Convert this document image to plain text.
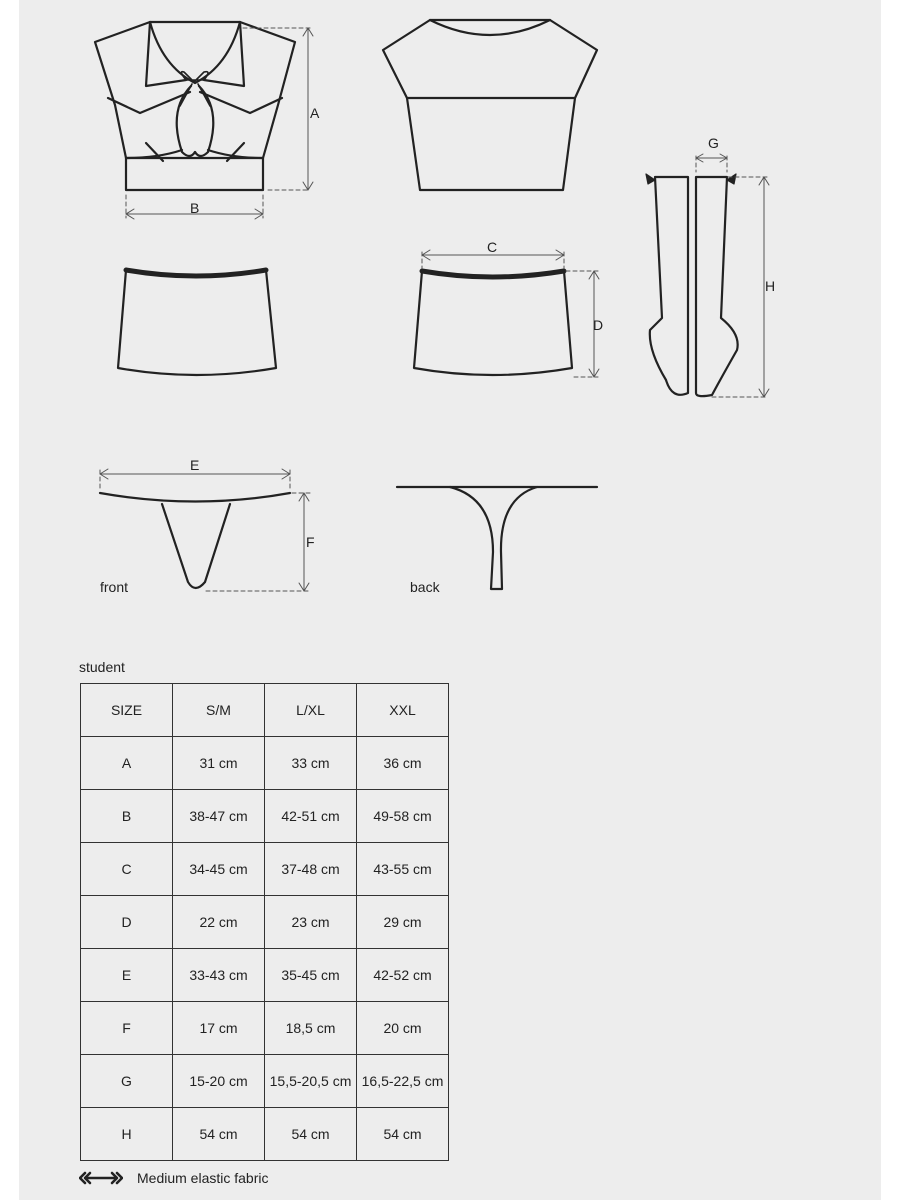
A
B
C
D
G
H
E
F
front	back
student
SIZE	S/M	L/XL	XXL
A	31 cm	33 cm	36 cm
B	38-47 cm	42-51 cm	49-58 cm
C	34-45 cm	37-48 cm	43-55 cm
D	22 cm	23 cm	29 cm
E	33-43 cm	35-45 cm	42-52 cm
F	17 cm	18,5 cm	20 cm
G	15-20 cm	15,5-20,5 cm	16,5-22,5 cm
H	54 cm	54 cm	54 cm
Medium elastic fabric
